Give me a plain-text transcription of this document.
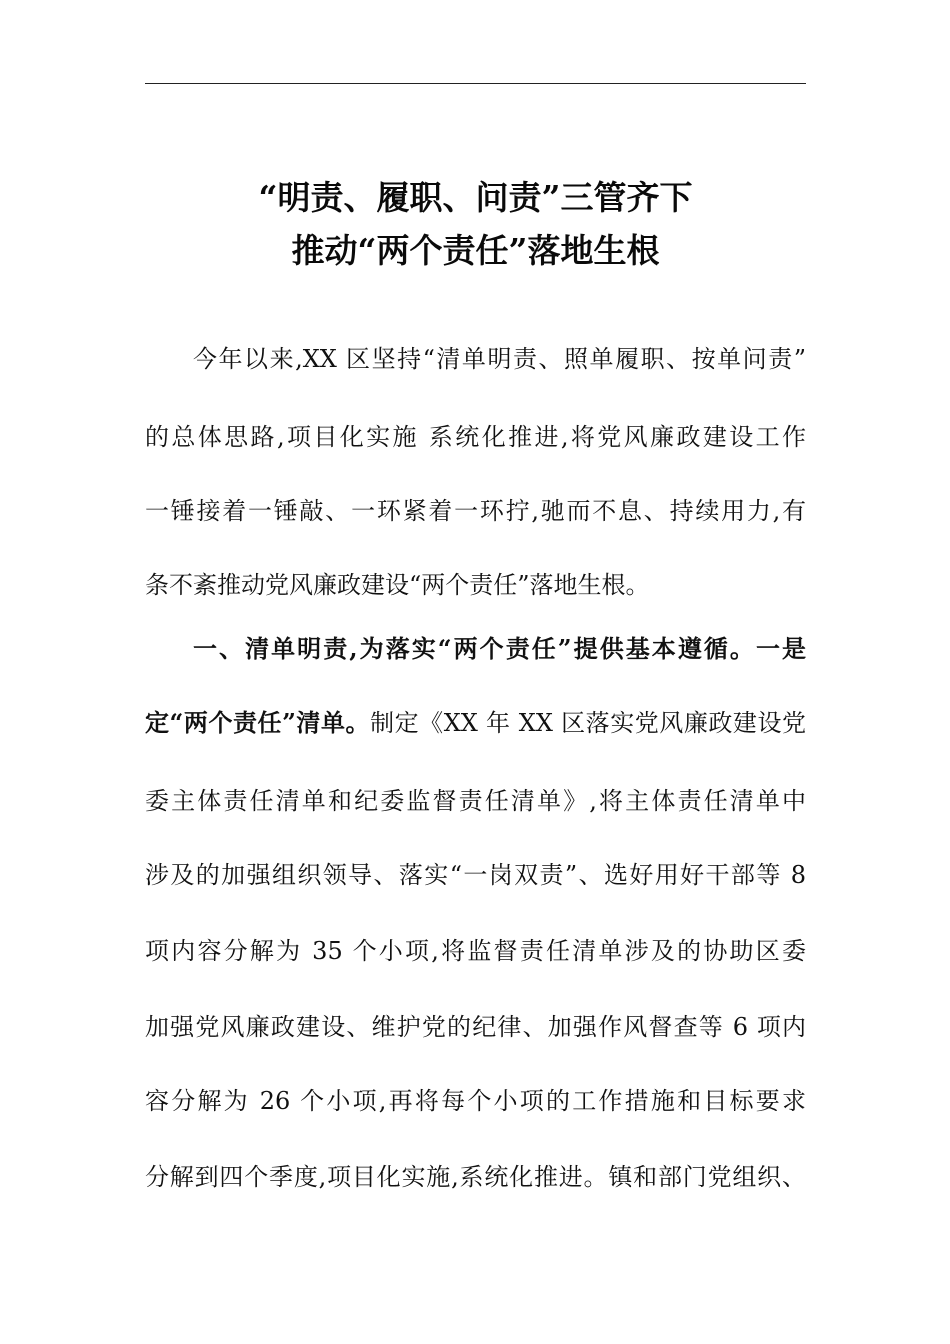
“明责、履职、问责”三管齐下
推动“两个责任”落地生根
今年以来,XX 区坚持“清单明责、照单履职、按单问责”
的总体思路,项目化实施 系统化推进,将党风廉政建设工作
一锤接着一锤敲、一环紧着一环拧,驰而不息、持续用力,有
条不紊推动党风廉政建设“两个责任”落地生根。
一、清单明责,为落实“两个责任”提供基本遵循。一是
定“两个责任”清单。制定《XX 年 XX 区落实党风廉政建设党
委主体责任清单和纪委监督责任清单》,将主体责任清单中
涉及的加强组织领导、落实“一岗双责”、选好用好干部等 8
项内容分解为 35 个小项,将监督责任清单涉及的协助区委
加强党风廉政建设、维护党的纪律、加强作风督查等 6 项内
容分解为 26 个小项,再将每个小项的工作措施和目标要求
分解到四个季度,项目化实施,系统化推进。镇和部门党组织、
